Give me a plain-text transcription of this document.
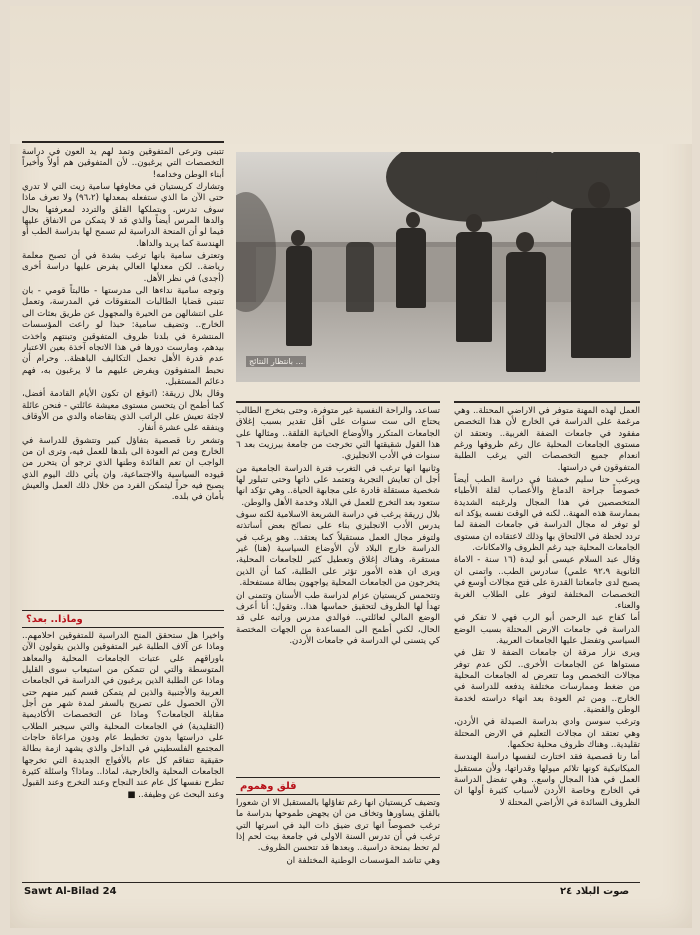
... بانتظار النتائج

تتبنى وترعى المتفوقين وتمد لهم يد العون في دراسة التخصصات التي يرغبون.. لأن المتفوقين هم أولاً وأخيراً أبناء الوطن وخدامه!

وتشارك كريستيان في مخاوفها سامية زيت التي لا تدري حتى الآن ما الذي ستفعله بمعدلها (٩٦،٢) ولا تعرف ماذا سوف تدرس. ويتملكها القلق والتردد لمعرفتها بحال والدها المرس أيضاً والذي قد لا يتمكن من الانفاق عليها فيما لو أن المنحة الدراسية لم تسمح لها بدراسة الطب أو الهندسة كما يريد والداها.

وتعترف سامية بانها ترغب بشدة في أن تصبح معلمة رياضة.. لكن معدلها العالي يفرض عليها دراسة أخرى (أجدى) في نظر الأهل.

وتوجه سامية نداءها الى مدرستها - طالبتاً قومي - بان تتبنى قضايا الطالبات المتفوقات في المدرسة، وتعمل على انتشالهن من الحيرة والمجهول عن طريق بعثات الى الخارج.. وتضيف سامية: حبذا لو راعت المؤسسات المنتشرة في بلدنا ظروف المتفوقين وتبنتهم واخذت بيدهم، ومارست دورها في هذا الاتجاه آخذة بعين الاعتبار عدم قدرة الأهل تحمل التكاليف الباهظة.. وحرام أن نحبط المتفوقون ويفرض عليهم ما لا يرغبون به، فهم دعائم المستقبل.

وقال بلال زريقة: (اتوقع ان تكون الأيام القادمة أفضل، كما أطمح ان يتحسن مستوى معيشة عائلتي - فنحن عائلة لاجئة تعيش على الراتب الذي يتقاضاه والدي من الأوقاف وينفقه على عشرة أنفار.

وتشعر رنا قصصية بتفاؤل كبير وتتشوق للدراسة في الخارج ومن ثم العودة الى بلدها للعمل فيه، وترى ان من الواجب ان تعم الفائدة وطنها الذي ترجو أن يتحرر من قيوده السياسية والاجتماعية، وان يأتي ذلك اليوم الذي يصبح فيه حراً ليتمكن الفرد من خلال ذلك العمل والعيش بأمان في بلده.

وماذا.. بعد؟

واخيراً هل ستحقق المنح الدراسية للمتفوقين احلامهم.. وماذا عن آلاف الطلبة غير المتفوقين والذين يقولون الآن باوراقهم على عتبات الجامعات المحلية والمعاهد المتوسطة والتي لن تتمكن من استيعاب سوى القليل وماذا عن الطلبة الذين يرغبون في الدراسة في الجامعات العربية والأجنبية والذين لم يتمكن قسم كبير منهم حتى الآن الحصول على تصريح بالسفر لمدة شهر من أجل مقابلة الجامعات؟ وماذا عن التخصصات الأكاديمية (التقليدية) في الجامعات المحلية والتي سيجبر الطلاب على دراستها بدون تخطيط عام ودون مراعاة حاجات المجتمع الفلسطيني في الداخل والذي يشهد ازمة بطالة حقيقية تتفاقم كل عام بالأفواج الجديدة التي تخرجها الجامعات المحلية والخارجية، لماذا.. وماذا؟ واسئلة كثيرة تطرح نفسها كل عام عند النجاح وعند التخرج وعند القبول وعند البحث عن وظيفة.. ■

تساعد، والراحة النفسية غير متوفرة، وحتى بتخرج الطالب يحتاج الى ست سنوات على أقل تقدير بسبب إغلاق الجامعات المتكرر والأوضاع الحياتية القلقة.. ومثالها على هذا القول شقيقتها التي تخرجت من جامعة بيرزيت بعد ٦ سنوات في الأدب الانجليزي.

وثانيها انها ترغب في التغرب فترة الدراسة الجامعية من أجل ان تعايش التجربة وتعتمد على ذاتها وحتى تتبلور لها شخصية مستقلة قادرة على مجابهة الحياة.. وهي تؤكد انها ستعود بعد التخرج للعمل في البلاد وخدمة الأهل والوطن.

بلال زريقة يرغب في دراسة الشريعة الاسلامية لكنه سوف يدرس الأدب الانجليزي بناء على نصائح بعض أساتذته ولتوفر مجال العمل مستقبلاً كما يعتقد.. وهو يرغب في الدراسة خارج البلاد لأن الأوضاع السياسية (هنا) غير مستقرة، وهناك إغلاق وتعطيل كثير للجامعات المحلية، ويرى ان هذه الأمور تؤثر على الطلبة، كما أن الذين يتخرجون من الجامعات المحلية يواجهون بطالة مستفحلة.

وتتحمس كريستيان عزام لدراسة طب الأسنان وتتمنى ان تهدأ لها الظروف لتحقيق حماسها هذا.. وتقول: أنا أعرف الوضع المالي لعائلتي.. فوالدي مدرس وراتبه على قد الحال، لكني أطمح الى المساعدة من الجهات المختصة كي يتسنى لي الدراسة في جامعات الأردن.

قلق وهموم

وتضيف كريستيان انها رغم تفاؤلها بالمستقبل الا ان شعوراً بالقلق يساورها وتخاف من ان يجهض طموحها بدراسة ما ترغب خصوصاً انها ترى ضيق ذات اليد في اسرتها التي ترغب في أن تدرس السنة الاولى في جامعة بيت لحم إذا لم تحظ بمنحة دراسية.. وبعدها قد تتحسن الظروف.

وهي تناشد المؤسسات الوطنية المختلفة ان

العمل لهذه المهنة متوفر في الاراضي المحتلة.. وهي مرغمة على الدراسة في الخارج لأن هذا التخصص مفقود في جامعات الضفة الغربية.. وتعتقد ان مستوى الجامعات المحلية عال رغم ظروفها ورغم انعدام جميع التخصصات التي يرغب الطلبة المتفوقون في دراستها.

ويرغب حنا سليم خمشتا في دراسة الطب أيضاً خصوصاً جراحة الدماغ والأعصاب لقلة الأطباء المتخصصين في هذا المجال ولرغبته الشديدة بممارسة هذه المهنة.. لكنه في الوقت نفسه يؤكد انه لو توفر له مجال الدراسة في جامعات الضفة لما تردد لحظة في الالتحاق بها وذلك لاعتقاده ان مستوى الجامعات المحلية جيد رغم الظروف والامكانات.

وقال عبد السلام عيسى أبو ليدة (١٦ سنة - الاماة الثانوية ٩٢،٩ علمي) سادرس الطب.. واتمنى ان يصبح لدى جامعاتنا القدرة على فتح مجالات أوسع في التخصصات المختلفة لتوفر على الطلاب الغربة والعناء.

أما كفاح عبد الرحمن أبو الرب فهي لا تفكر في الدراسة في جامعات الارض المحتلة بسبب الوضع السياسي وتفضل عليها الجامعات العربية.

ويرى نزار مرقة ان جامعات الضفة لا تقل في مستواها عن الجامعات الأخرى.. لكن عدم توفر مجالات التخصص وما تتعرض له الجامعات المحلية من ضغط وممارسات مختلفة يدفعه للدراسة في الخارج.. ومن ثم العودة بعد انهاء دراسته لخدمة الوطن والقضية.

وترغب سوسن وادي بدراسة الصيدلة في الأردن، وهي تعتقد ان مجالات التعليم في الارض المحتلة تقليدية.. وهناك ظروف محلية تحكمها.

أما رنا قصصية فقد اختارت لنفسها دراسة الهندسة الميكانيكية كونها تلائم ميولها وقدراتها، ولأن مستقبل العمل في هذا المجال واسع.. وهي تفضل الدراسة في الخارج وخاصة الأردن لأسباب كثيرة أولها ان الظروف السائدة في الأراضي المحتلة لا

Sawt Al-Bilad 24	صوت البلاد ٢٤
